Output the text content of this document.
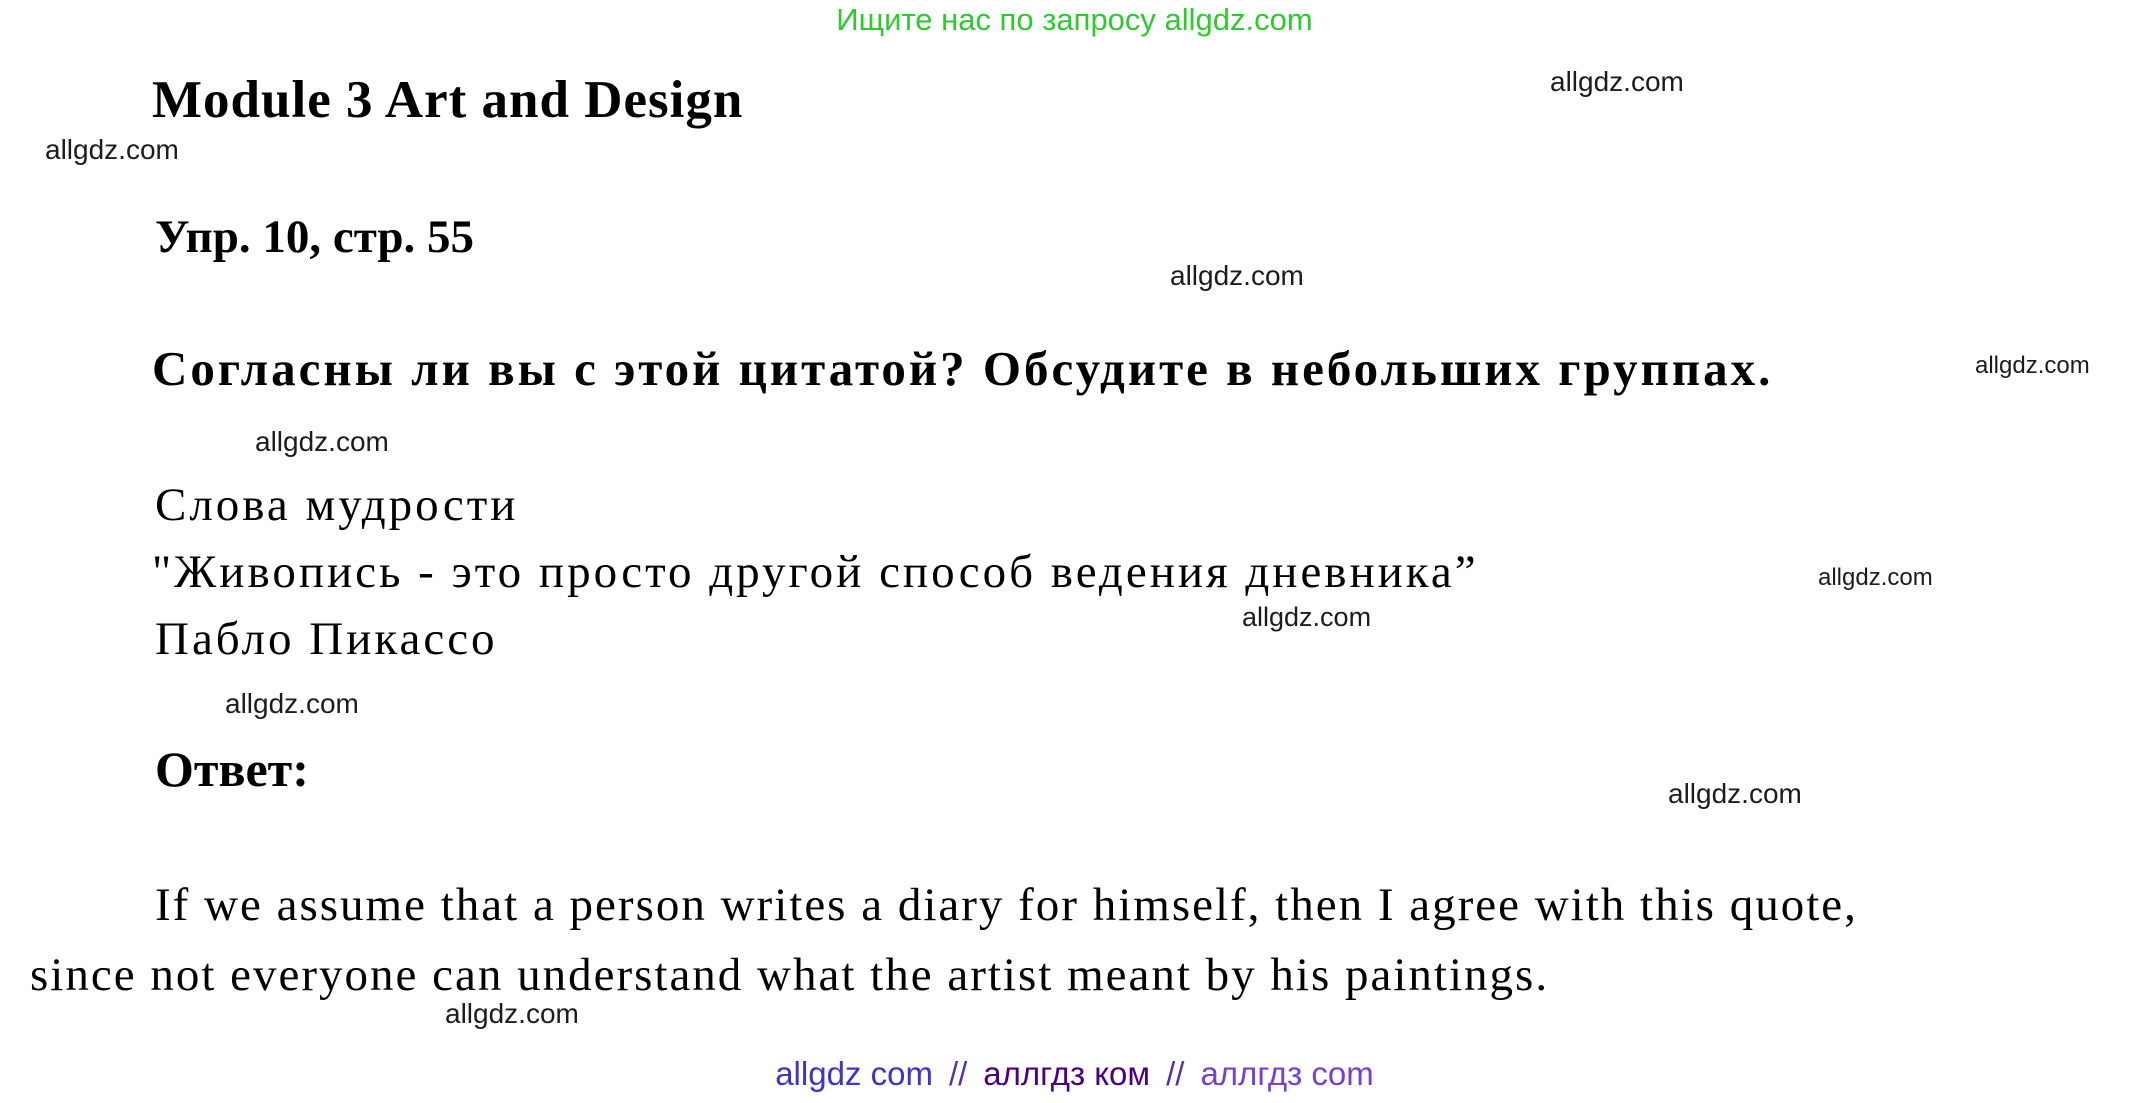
Ищите нас по запросу allgdz.com
Module 3 Art and Design
allgdz.com
allgdz.com
Упр. 10, стр. 55
allgdz.com
Согласны ли вы с этой цитатой? Обсудите в небольших группах.	allgdz.com
allgdz.com
Слова мудрости
"Живопись - это просто другой способ ведения дневника”	allgdz.com
allgdz.com
Пабло Пикассо
allgdz.com
Ответ:	allgdz.com
If we assume that a person writes a diary for himself, then I agree with this quote,
since not everyone can understand what the artist meant by his paintings.
allgdz.com
allgdz com // аллгдз ком // аллгдз com
